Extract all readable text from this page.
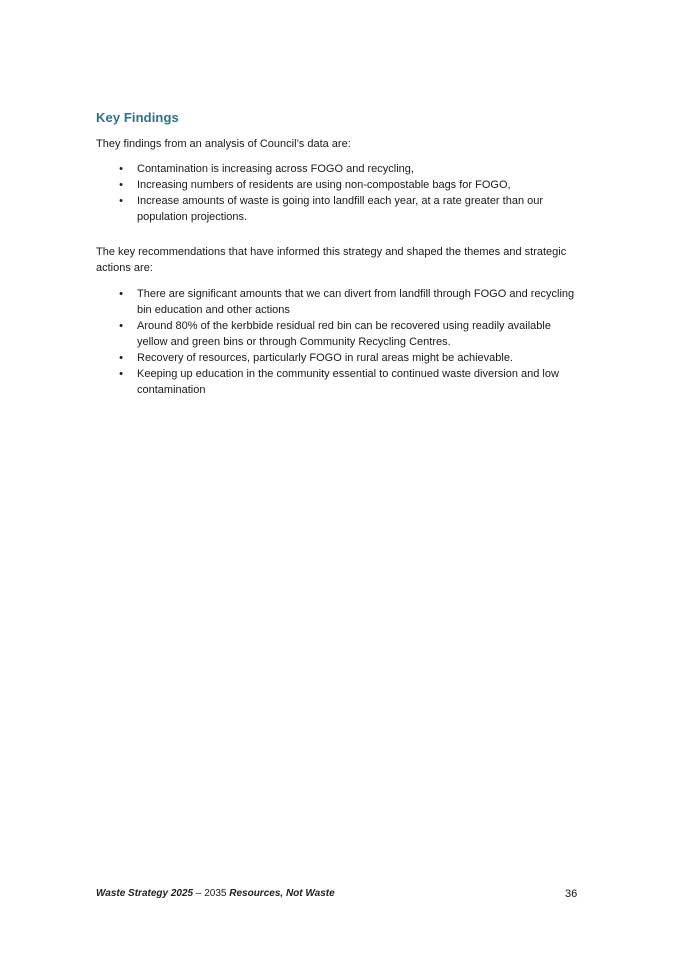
Key Findings
They findings from an analysis of Council’s data are:
• Contamination is increasing across FOGO and recycling,
• Increasing numbers of residents are using non-compostable bags for FOGO,
• Increase amounts of waste is going into landfill each year, at a rate greater than our population projections.
The key recommendations that have informed this strategy and shaped the themes and strategic actions are:
• There are significant amounts that we can divert from landfill through FOGO and recycling bin education and other actions
• Around 80% of the kerbbide residual red bin can be recovered using readily available yellow and green bins or through Community Recycling Centres.
• Recovery of resources, particularly FOGO in rural areas might be achievable.
• Keeping up education in the community essential to continued waste diversion and low contamination
Waste Strategy 2025 – 2035 Resources, Not Waste	36
